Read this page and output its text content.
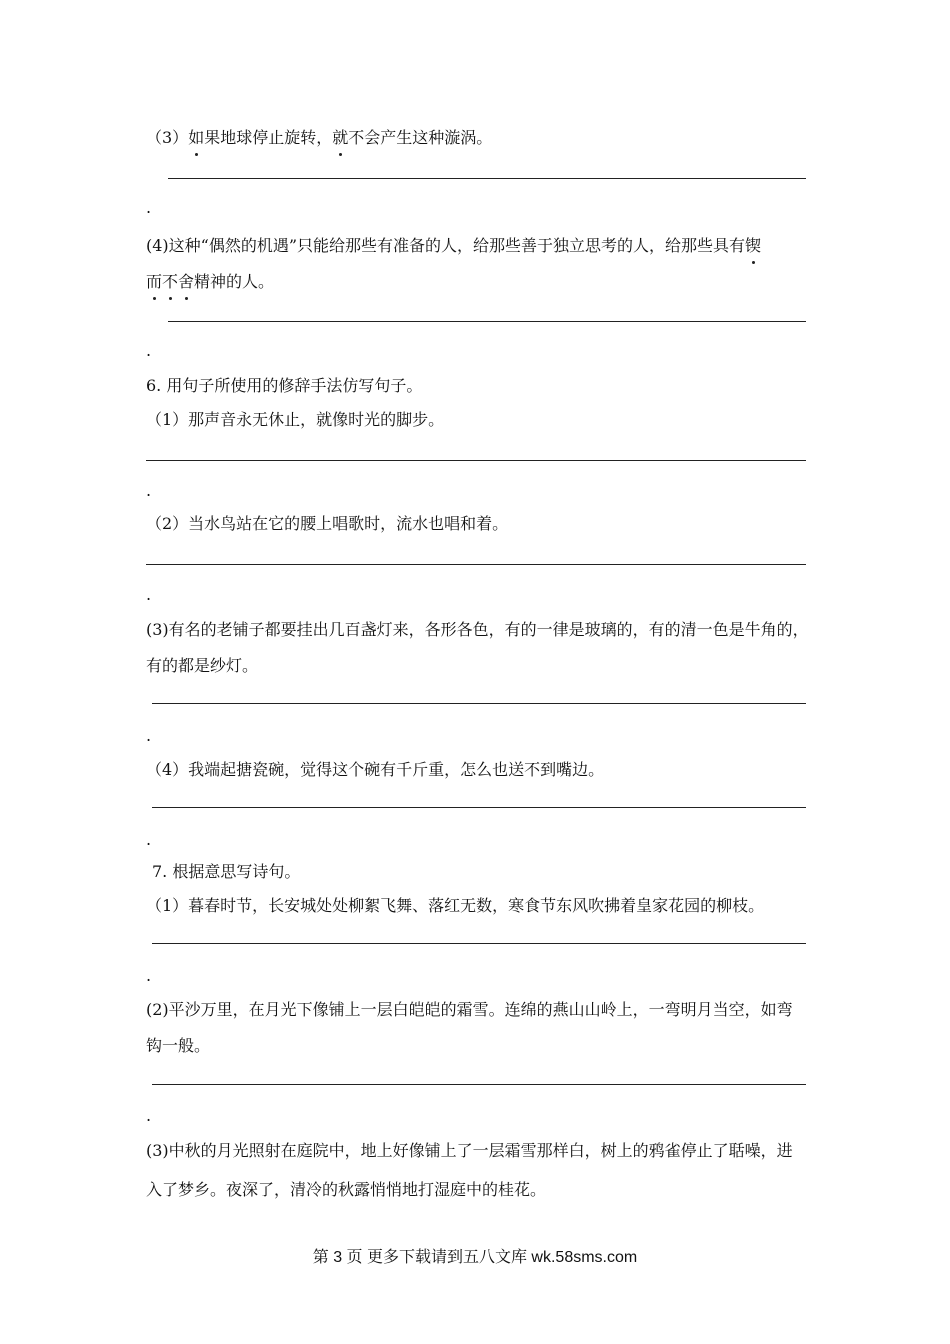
（3）如果地球停止旋转，就不会产生这种漩涡。

.

(4)这种“偶然的机遇”只能给那些有准备的人，给那些善于独立思考的人，给那些具有锲

而不舍精神的人。

.

6. 用句子所使用的修辞手法仿写句子。

（1）那声音永无休止，就像时光的脚步。

.

（2）当水鸟站在它的腰上唱歌时，流水也唱和着。

.

(3)有名的老铺子都要挂出几百盏灯来，各形各色，有的一律是玻璃的，有的清一色是牛角的，

有的都是纱灯。

.

（4）我端起搪瓷碗，觉得这个碗有千斤重，怎么也送不到嘴边。

.

7. 根据意思写诗句。

（1）暮春时节，长安城处处柳絮飞舞、落红无数，寒食节东风吹拂着皇家花园的柳枝。

.

(2)平沙万里，在月光下像铺上一层白皑皑的霜雪。连绵的燕山山岭上，一弯明月当空，如弯

钩一般。

.

(3)中秋的月光照射在庭院中，地上好像铺上了一层霜雪那样白，树上的鸦雀停止了聒噪，进

入了梦乡。夜深了，清冷的秋露悄悄地打湿庭中的桂花。

第 3 页 更多下载请到五八文库 wk.58sms.com
